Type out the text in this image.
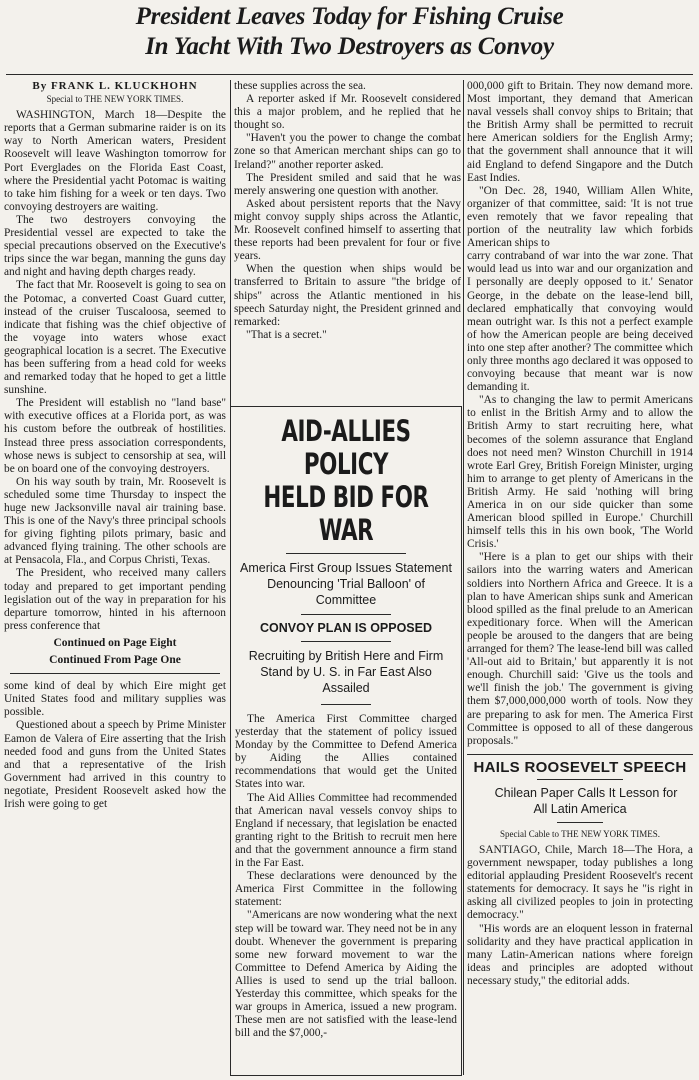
President Leaves Today for Fishing Cruise
In Yacht With Two Destroyers as Convoy
By FRANK L. KLUCKHOHN
Special to THE NEW YORK TIMES.

WASHINGTON, March 18—Despite the reports that a German submarine raider is on its way to North American waters, President Roosevelt will leave Washington tomorrow for Port Everglades on the Florida East Coast, where the Presidential yacht Potomac is waiting to take him fishing for a week or ten days. Two convoying destroyers are waiting.

The two destroyers convoying the Presidential vessel are expected to take the special precautions observed on the Executive's trips since the war began, manning the guns day and night and having depth charges ready.

The fact that Mr. Roosevelt is going to sea on the Potomac, a converted Coast Guard cutter, instead of the cruiser Tuscaloosa, seemed to indicate that fishing was the chief objective of the voyage into waters whose exact geographical location is a secret. The Executive has been suffering from a head cold for weeks and remarked today that he hoped to get a little sunshine.

The President will establish no "land base" with executive offices at a Florida port, as was his custom before the outbreak of hostilities. Instead three press association correspondents, whose news is subject to censorship at sea, will be on board one of the convoying destroyers.

On his way south by train, Mr. Roosevelt is scheduled some time Thursday to inspect the huge new Jacksonville naval air training base. This is one of the Navy's three principal schools for giving fighting pilots primary, basic and advanced flying training. The other schools are at Pensacola, Fla., and Corpus Christi, Texas.

The President, who received many callers today and prepared to get important pending legislation out of the way in preparation for his departure tomorrow, hinted in his afternoon press conference that

Continued on Page Eight
Continued From Page One

some kind of deal by which Eire might get United States food and military supplies was possible.

Questioned about a speech by Prime Minister Eamon de Valera of Eire asserting that the Irish needed food and guns from the United States and that a representative of the Irish Government had arrived in this country to negotiate, President Roosevelt asked how the Irish were going to get

these supplies across the sea.

A reporter asked if Mr. Roosevelt considered this a major problem, and he replied that he thought so.

"Haven't you the power to change the combat zone so that American merchant ships can go to Ireland?" another reporter asked.

The President smiled and said that he was merely answering one question with another.

Asked about persistent reports that the Navy might convoy supply ships across the Atlantic, Mr. Roosevelt confined himself to asserting that these reports had been prevalent for four or five years.

When the question when ships would be transferred to Britain to assure "the bridge of ships" across the Atlantic mentioned in his speech Saturday night, the President grinned and remarked:

"That is a secret."

AID-ALLIES POLICY
HELD BID FOR WAR

America First Group Issues Statement Denouncing 'Trial Balloon' of Committee

CONVOY PLAN IS OPPOSED

Recruiting by British Here and Firm Stand by U. S. in Far East Also Assailed

The America First Committee charged yesterday that the statement of policy issued Monday by the Committee to Defend America by Aiding the Allies contained recommendations that would get the United States into war.

The Aid Allies Committee had recommended that American naval vessels convoy ships to England if necessary, that legislation be enacted granting right to the British to recruit men here and that the government announce a firm stand in the Far East.

These declarations were denounced by the America First Committee in the following statement:

"Americans are now wondering what the next step will be toward war. They need not be in any doubt. Whenever the government is preparing some new forward movement to war the Committee to Defend America by Aiding the Allies is used to send up the trial balloon. Yesterday this committee, which speaks for the war groups in America, issued a new program. These men are not satisfied with the lease-lend bill and the $7,000,-

000,000 gift to Britain. They now demand more. Most important, they demand that American naval vessels shall convoy ships to Britain; that the British Army shall be permitted to recruit here American soldiers for the English Army; that the government shall announce that it will aid England to defend Singapore and the Dutch East Indies.

"On Dec. 28, 1940, William Allen White, organizer of that committee, said: 'It is not true even remotely that we favor repealing that portion of the neutrality law which forbids American ships to

carry contraband of war into the war zone. That would lead us into war and our organization and I personally are deeply opposed to it.' Senator George, in the debate on the lease-lend bill, declared emphatically that convoying would mean outright war. Is this not a perfect example of how the American people are being deceived into one step after another? The committee which only three months ago declared it was opposed to convoying because that meant war is now demanding it.

"As to changing the law to permit Americans to enlist in the British Army and to allow the British Army to start recruiting here, what becomes of the solemn assurance that England does not need men? Winston Churchill in 1914 wrote Earl Grey, British Foreign Minister, urging him to arrange to get plenty of Americans in the British Army. He said 'nothing will bring America in on our side quicker than some American blood spilled in Europe.' Churchill himself tells this in his own book, 'The World Crisis.'

"Here is a plan to get our ships with their sailors into the warring waters and American soldiers into Northern Africa and Greece. It is a plan to have American ships sunk and American blood spilled as the final prelude to an American expeditionary force. When will the American people be aroused to the dangers that are being arranged for them? The lease-lend bill was called 'All-out aid to Britain,' but apparently it is not enough. Churchill said: 'Give us the tools and we'll finish the job.' The government is giving them $7,000,000,000 worth of tools. Now they are preparing to ask for men. The America First Committee is opposed to all of these dangerous proposals."

HAILS ROOSEVELT SPEECH

Chilean Paper Calls It Lesson for All Latin America

Special Cable to THE NEW YORK TIMES.

SANTIAGO, Chile, March 18—The Hora, a government newspaper, today publishes a long editorial applauding President Roosevelt's recent statements for democracy. It says he "is right in asking all civilized peoples to join in protecting democracy."

"His words are an eloquent lesson in fraternal solidarity and they have practical application in many Latin-American nations where foreign ideas and principles are adopted without necessary study," the editorial adds.
